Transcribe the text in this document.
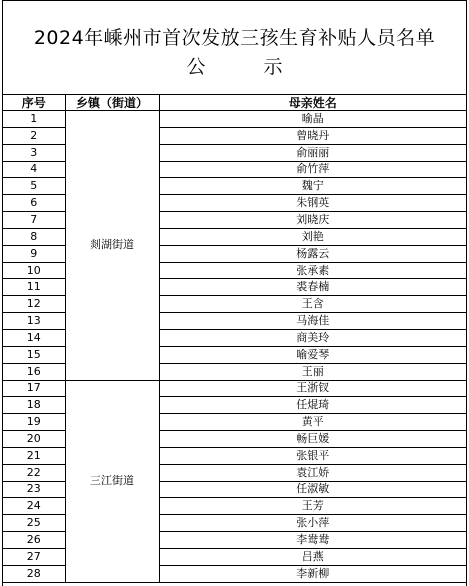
2024年嵊州市首次发放三孩生育补贴人员名单
公	示
序号	乡镇（街道）	母亲姓名
1	剡湖街道	喻晶
2		曾晓丹
3		俞丽丽
4		俞竹萍
5		魏宁
6		朱钢英
7		刘晓庆
8		刘艳
9		杨露云
10		张承素
11		裘春楠
12		王含
13		马海佳
14		商美玲
15		喻爱琴
16		王丽
17	三江街道	王浙钗
18		任焜琦
19		黄平
20		畅巨媛
21		张银平
22		袁江娇
23		任淑敏
24		王芳
25		张小萍
26		李鸯鸯
27		吕燕
28		李新柳
